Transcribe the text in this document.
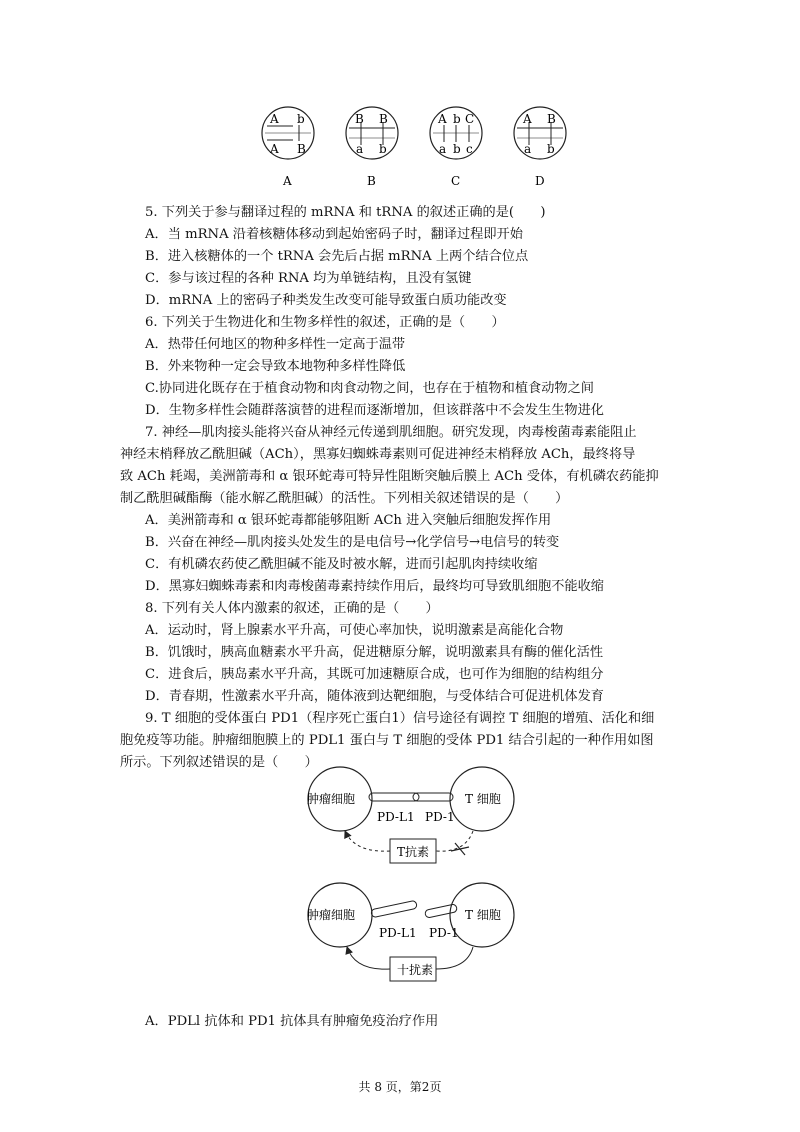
A b
A B
A
B B
a b
B
A b C
a b c
C
A B
a b
D
5. 下列关于参与翻译过程的 mRNA 和 tRNA 的叙述正确的是(　　)
A．当 mRNA 沿着核糖体移动到起始密码子时，翻译过程即开始
B．进入核糖体的一个 tRNA 会先后占据 mRNA 上两个结合位点
C．参与该过程的各种 RNA 均为单链结构，且没有氢键
D．mRNA 上的密码子种类发生改变可能导致蛋白质功能改变
6. 下列关于生物进化和生物多样性的叙述，正确的是（　　）
A．热带任何地区的物种多样性一定高于温带
B．外来物种一定会导致本地物种多样性降低
C.协同进化既存在于植食动物和肉食动物之间，也存在于植物和植食动物之间
D．生物多样性会随群落演替的进程而逐渐增加，但该群落中不会发生生物进化
7. 神经—肌肉接头能将兴奋从神经元传递到肌细胞。研究发现，肉毒梭菌毒素能阻止
神经末梢释放乙酰胆碱（ACh），黑寡妇蜘蛛毒素则可促进神经末梢释放 ACh，最终将导
致 ACh 耗竭，美洲箭毒和 α 银环蛇毒可特异性阻断突触后膜上 ACh 受体，有机磷农药能抑
制乙酰胆碱酯酶（能水解乙酰胆碱）的活性。下列相关叙述错误的是（　　）
A．美洲箭毒和 α 银环蛇毒都能够阻断 ACh 进入突触后细胞发挥作用
B．兴奋在神经—肌肉接头处发生的是电信号→化学信号→电信号的转变
C．有机磷农药使乙酰胆碱不能及时被水解，进而引起肌肉持续收缩
D．黑寡妇蜘蛛毒素和肉毒梭菌毒素持续作用后，最终均可导致肌细胞不能收缩
8. 下列有关人体内激素的叙述，正确的是（　　）
A．运动时，肾上腺素水平升高，可使心率加快，说明激素是高能化合物
B．饥饿时，胰高血糖素水平升高，促进糖原分解，说明激素具有酶的催化活性
C．进食后，胰岛素水平升高，其既可加速糖原合成，也可作为细胞的结构组分
D．青春期，性激素水平升高，随体液到达靶细胞，与受体结合可促进机体发育
9. T 细胞的受体蛋白 PD1（程序死亡蛋白1）信号途径有调控 T 细胞的增殖、活化和细
胞免疫等功能。肿瘤细胞膜上的 PDL1 蛋白与 T 细胞的受体 PD1 结合引起的一种作用如图
所示。下列叙述错误的是（　　）
肿瘤细胞	T 细胞
PD-L1 PD-1
T抗素
肿瘤细胞	T 细胞
PD-L1 PD-1
十扰素
A．PDLl 抗体和 PD1 抗体具有肿瘤免疫治疗作用
共 8 页，第2页
